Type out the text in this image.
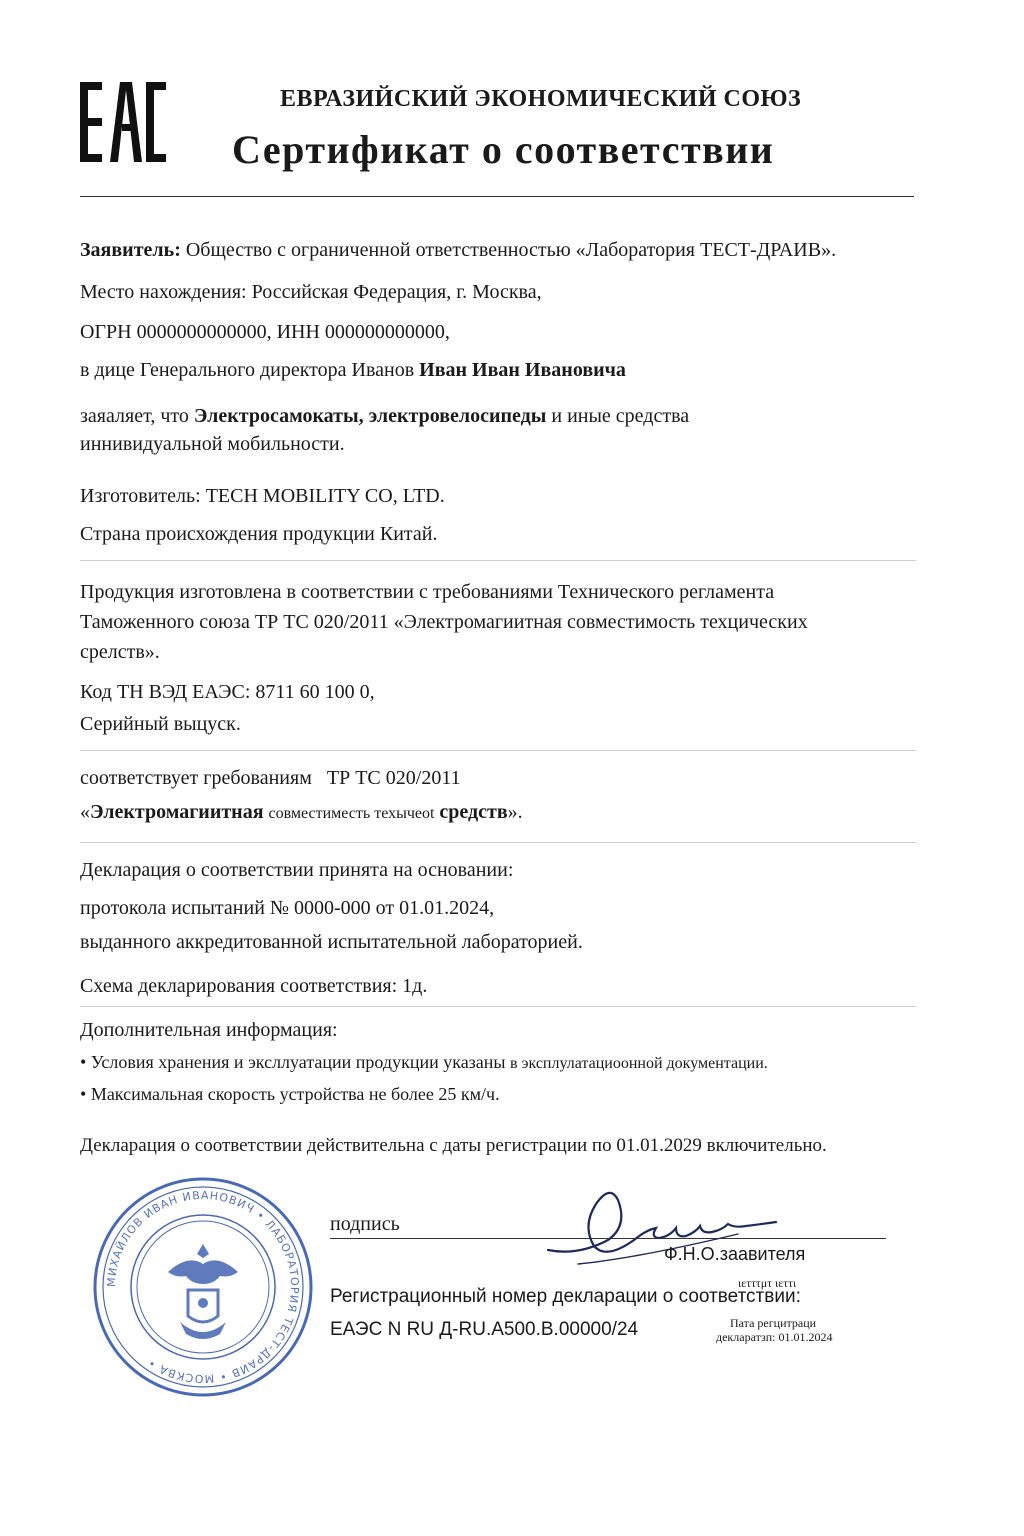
ЕВРАЗИЙСКИЙ ЭКОНОМИЧЕСКИЙ СОЮЗ
Сертификат о соответствии
Заявитель: Общество с ограниченной ответственностью «Лаборатория ТЕСТ-ДРАИВ».
Место нахождения: Российская Федерация, г. Москва,
ОГРН 0000000000000, ИНН 000000000000,
в дице Генерального директора Иванов Иван Иван Ивановича
заяаляет, что Электросамокаты, электровелосипеды и иные средства
иннивидуальной мобильности.
Изготовитель: TECH MOBILITY CO, LTD.
Страна происхождения продукции Китай.
Продукция изготовлена в соответствии с требованиями Технического регламента
Таможенного союза ТР ТС 020/2011 «Электромагиитная совместимость техцических
срелств».
Код ТН ВЭД ЕАЭС: 8711 60 100 0,
Серийный выцуск.
соответствует гребованиям ТР ТС 020/2011
«Электромагиитная совместиместь техычеоt средств».
Декларация о соответствии принята на основании:
протокола испытаний № 0000-000 от 01.01.2024,
выданного аккредитованной испытательной лабораторией.
Схема декларирования соответствия: 1д.
Дополнительная информация:
• Условия хранения и эксллуатации продукции указаны в эксплулатациоонной документации.
• Максимальная скорость устройства не более 25 км/ч.
Декларация о соответствии действительна с даты регистрации по 01.01.2029 включительно.
МИХАЙЛОВ ИВАН ИВАНОВИЧ • ЛАБОРАТОРИЯ ТЕСТ-ДРАИВ • МОСКВА •
подпись
Ф.Н.О.заавителя
ιετττμτ ιεττι
Регистрационный номер декларации о соответствии:
ЕАЭС N RU Д-RU.A500.B.00000/24	Пата регцитраци
декларатзп: 01.01.2024
